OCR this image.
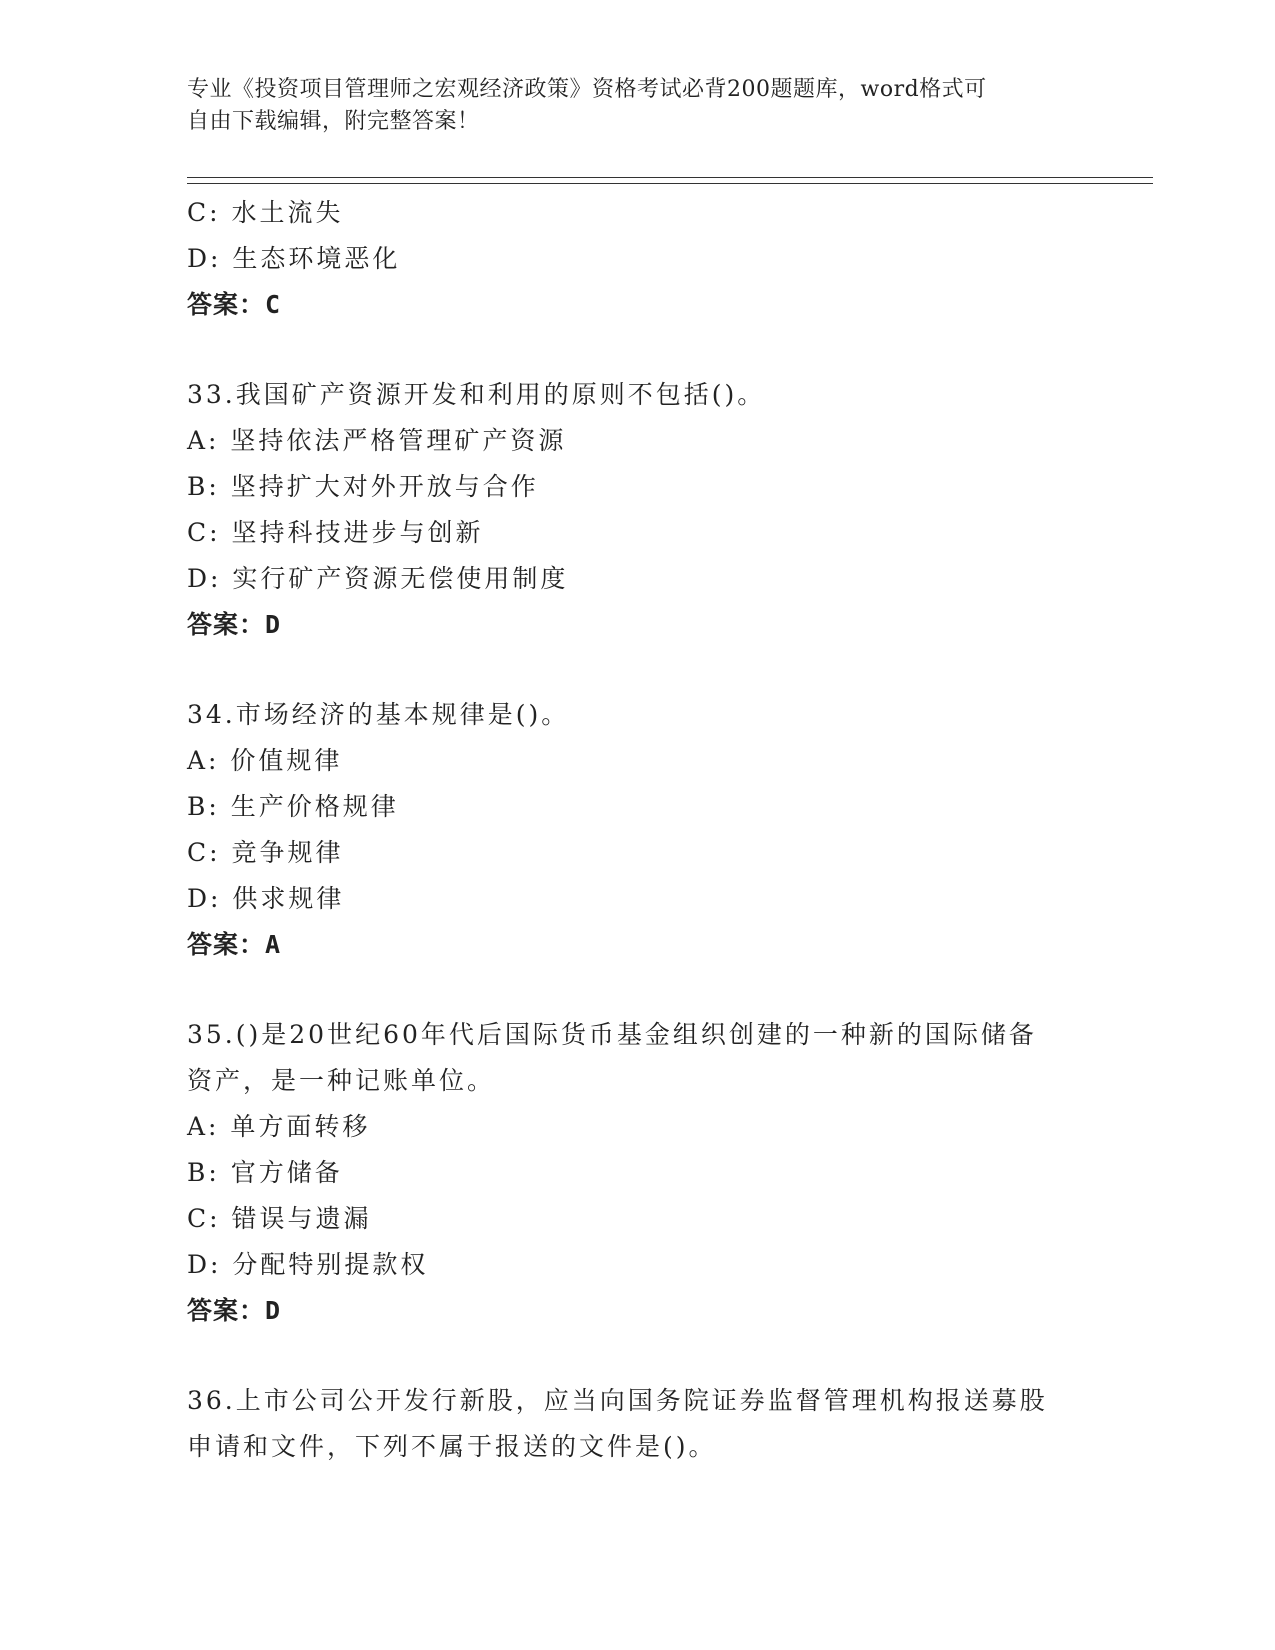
专业《投资项目管理师之宏观经济政策》资格考试必背200题题库，word格式可
自由下载编辑，附完整答案！
C: 水土流失
D: 生态环境恶化
答案：C
33.我国矿产资源开发和利用的原则不包括()。
A: 坚持依法严格管理矿产资源
B: 坚持扩大对外开放与合作
C: 坚持科技进步与创新
D: 实行矿产资源无偿使用制度
答案：D
34.市场经济的基本规律是()。
A: 价值规律
B: 生产价格规律
C: 竞争规律
D: 供求规律
答案：A
35.()是20世纪60年代后国际货币基金组织创建的一种新的国际储备
资产，是一种记账单位。
A: 单方面转移
B: 官方储备
C: 错误与遗漏
D: 分配特别提款权
答案：D
36.上市公司公开发行新股，应当向国务院证券监督管理机构报送募股
申请和文件，下列不属于报送的文件是()。
